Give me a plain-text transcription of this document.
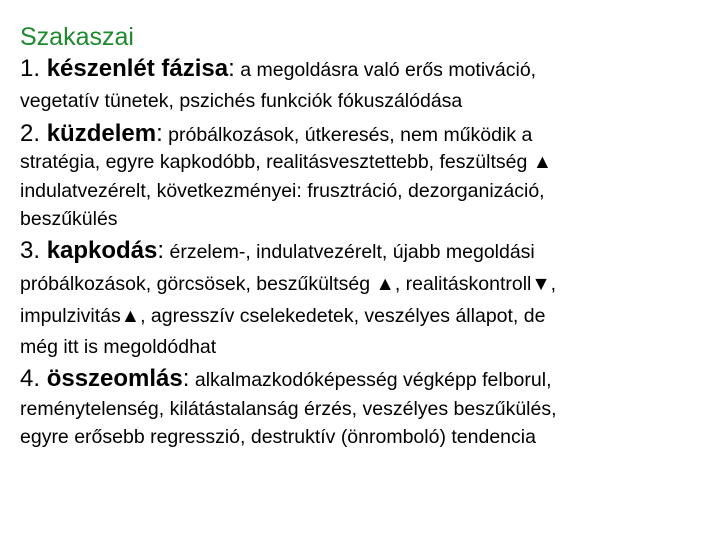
Szakaszai
1. készenlét fázisa: a megoldásra való erős motiváció,
vegetatív tünetek, pszichés funkciók fókuszálódása
2. küzdelem: próbálkozások, útkeresés, nem működik a
stratégia, egyre kapkodóbb, realitásvesztettebb, feszültség ▲
indulatvezérelt, következményei: frusztráció, dezorganizáció,
beszűkülés
3. kapkodás: érzelem-, indulatvezérelt, újabb megoldási
próbálkozások, görcsösek, beszűkültség ▲, realitáskontroll▼,
impulzivitás▲, agresszív cselekedetek, veszélyes állapot, de
még itt is megoldódhat
4. összeomlás: alkalmazkodóképesség végképp felborul,
reménytelenség, kilátástalanság érzés, veszélyes beszűkülés,
egyre erősebb regresszió, destruktív (önromboló) tendencia
